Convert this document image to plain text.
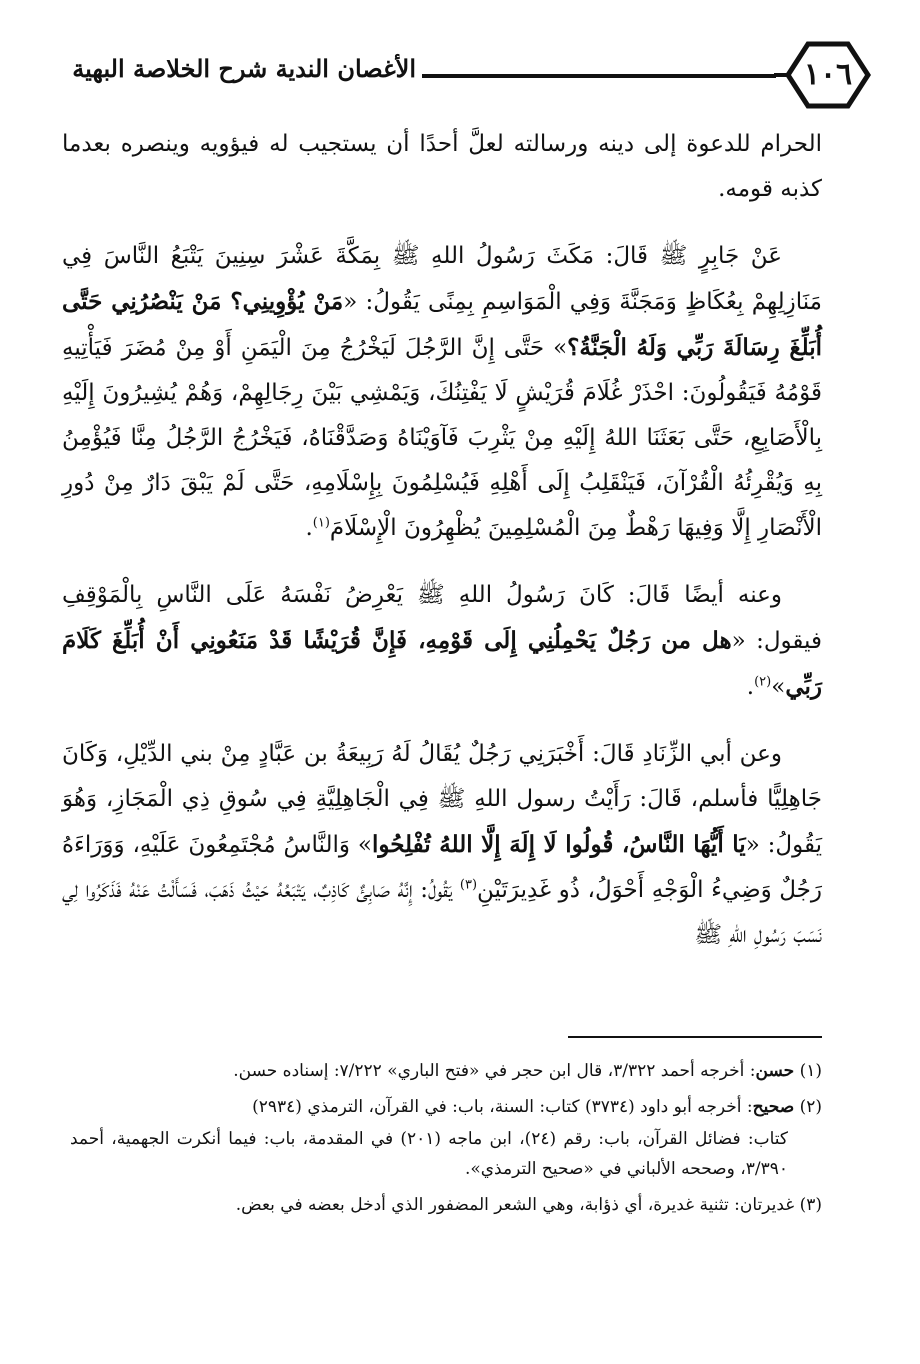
١٠٦
الأغصان الندية شرح الخلاصة البهية

الحرام للدعوة إلى دينه ورسالته لعلَّ أحدًا أن يستجيب له فيؤويه وينصره بعدما كذبه قومه.

عَنْ جَابِرٍ ﷺ قَالَ: مَكَثَ رَسُولُ اللهِ ﷺ بِمَكَّةَ عَشْرَ سِنِينَ يَتْبَعُ النَّاسَ فِي مَنَازِلِهِمْ بِعُكَاظٍ وَمَجَنَّةَ وَفِي الْمَوَاسِمِ بِمِنًى يَقُولُ: «مَنْ يُؤْوِينِي؟ مَنْ يَنْصُرُنِي حَتَّى أُبَلِّغَ رِسَالَةَ رَبِّي وَلَهُ الْجَنَّةُ؟» حَتَّى إِنَّ الرَّجُلَ لَيَخْرُجُ مِنَ الْيَمَنِ أَوْ مِنْ مُضَرَ فَيَأْتِيهِ قَوْمُهُ فَيَقُولُونَ: احْذَرْ غُلَامَ قُرَيْشٍ لَا يَفْتِنُكَ، وَيَمْشِي بَيْنَ رِجَالِهِمْ، وَهُمْ يُشِيرُونَ إِلَيْهِ بِالْأَصَابِعِ، حَتَّى بَعَثَنَا اللهُ إِلَيْهِ مِنْ يَثْرِبَ فَآوَيْنَاهُ وَصَدَّقْنَاهُ، فَيَخْرُجُ الرَّجُلُ مِنَّا فَيُؤْمِنُ بِهِ وَيُقْرِئُهُ الْقُرْآنَ، فَيَنْقَلِبُ إِلَى أَهْلِهِ فَيُسْلِمُونَ بِإِسْلَامِهِ، حَتَّى لَمْ يَبْقَ دَارٌ مِنْ دُورِ الْأَنْصَارِ إِلَّا وَفِيهَا رَهْطٌ مِنَ الْمُسْلِمِينَ يُظْهِرُونَ الْإِسْلَامَ$^{(١)}$.

وعنه أيضًا قَالَ: كَانَ رَسُولُ اللهِ ﷺ يَعْرِضُ نَفْسَهُ عَلَى النَّاسِ بِالْمَوْقِفِ فيقول: «هل من رَجُلٌ يَحْمِلُنِي إِلَى قَوْمِهِ، فَإِنَّ قُرَيْشًا قَدْ مَنَعُونِي أَنْ أُبَلِّغَ كَلَامَ رَبِّي»$^{(٢)}$.

وعن أبي الزِّنَادِ قَالَ: أَخْبَرَنِي رَجُلٌ يُقَالُ لَهُ رَبِيعَةُ بن عَبَّادٍ مِنْ بني الدِّيْلِ، وَكَانَ جَاهِلِيًّا فأسلم، قَالَ: رَأَيْتُ رسول اللهِ ﷺ فِي الْجَاهِلِيَّةِ فِي سُوقِ ذِي الْمَجَازِ، وَهُوَ يَقُولُ: «يَا أَيُّهَا النَّاسُ، قُولُوا لَا إِلَهَ إِلَّا اللهُ تُفْلِحُوا» وَالنَّاسُ مُجْتَمِعُونَ عَلَيْهِ، وَوَرَاءَهُ رَجُلٌ وَضِيءُ الْوَجْهِ أَحْوَلُ، ذُو غَدِيرَتَيْنِ$^{(٣)}$ يَقُولُ: إِنَّهُ صَابِئٌ كَاذِبٌ، يَتْبَعُهُ حَيْثُ ذَهَبَ، فَسَأَلْتُ عَنْهُ فَذَكَرُوا لِي نَسَبَ رَسُولِ اللهِ ﷺ

(١) حسن: أخرجه أحمد ٣/٣٢٢، قال ابن حجر في «فتح الباري» ٧/٢٢٢: إسناده حسن.

(٢) صحيح: أخرجه أبو داود (٣٧٣٤) كتاب: السنة، باب: في القرآن، الترمذي (٢٩٣٤)

كتاب: فضائل القرآن، باب: رقم (٢٤)، ابن ماجه (٢٠١) في المقدمة، باب: فيما أنكرت الجهمية، أحمد ٣/٣٩٠، وصححه الألباني في «صحيح الترمذي».

(٣) غديرتان: تثنية غديرة، أي ذؤابة، وهي الشعر المضفور الذي أدخل بعضه في بعض.
